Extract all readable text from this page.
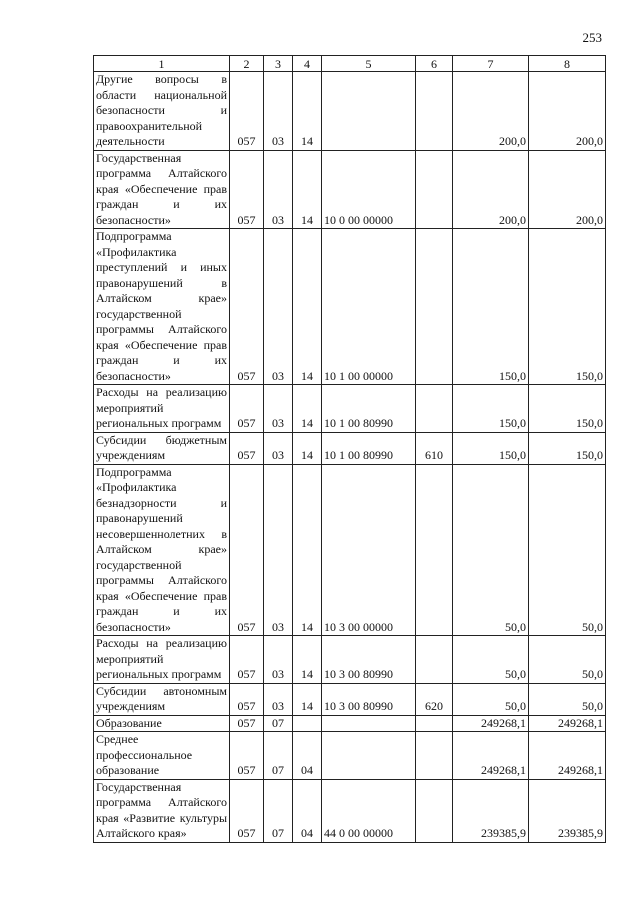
253
1	2	3	4	5	6	7	8
Другие вопросы в области национальной безопасности и правоохранительной деятельности	057	03	14			200,0	200,0
Государственная программа Алтайского края «Обеспечение прав граждан и их безопасности»	057	03	14	10 0 00 00000		200,0	200,0
Подпрограмма «Профилактика преступлений и иных правонарушений в Алтайском крае» государственной программы Алтайского края «Обеспечение прав граждан и их безопасности»	057	03	14	10 1 00 00000		150,0	150,0
Расходы на реализацию мероприятий региональных программ	057	03	14	10 1 00 80990		150,0	150,0
Субсидии бюджетным учреждениям	057	03	14	10 1 00 80990	610	150,0	150,0
Подпрограмма «Профилактика безнадзорности и правонарушений несовершеннолетних в Алтайском крае» государственной программы Алтайского края «Обеспечение прав граждан и их безопасности»	057	03	14	10 3 00 00000		50,0	50,0
Расходы на реализацию мероприятий региональных программ	057	03	14	10 3 00 80990		50,0	50,0
Субсидии автономным учреждениям	057	03	14	10 3 00 80990	620	50,0	50,0
Образование	057	07				249268,1	249268,1
Среднее профессиональное образование	057	07	04			249268,1	249268,1
Государственная программа Алтайского края «Развитие культуры Алтайского края»	057	07	04	44 0 00 00000		239385,9	239385,9
